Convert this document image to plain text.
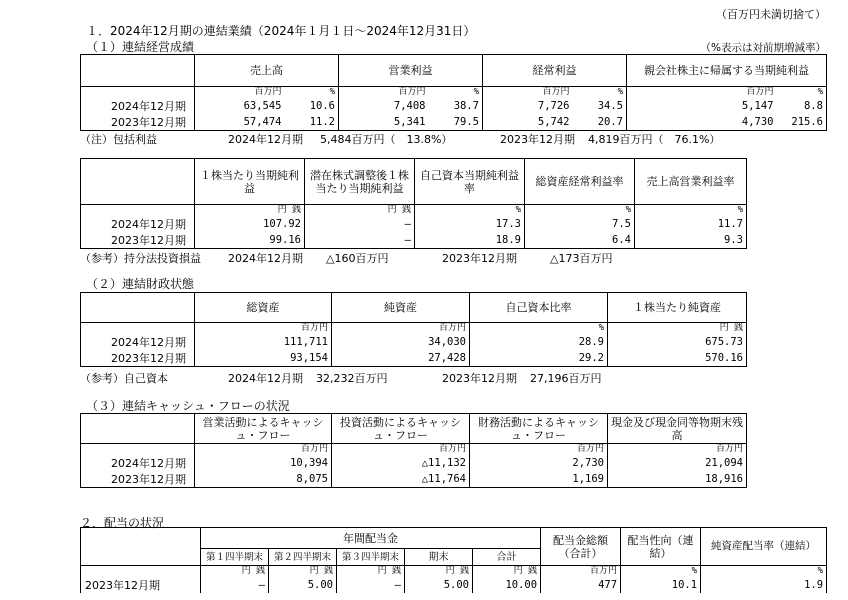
（百万円未満切捨て）
１．2024年12月期の連結業績（2024年１月１日～2024年12月31日）
（１）連結経営成績	（%表示は対前期増減率）
	売上高		営業利益		経常利益		親会社株主に帰属する当期純利益	
	百万円	%	百万円	%	百万円	%	百万円	%
2024年12月期	63,545	10.6	7,408	38.7	7,726	34.5	5,147	8.8
2023年12月期	57,474	11.2	5,341	79.5	5,742	20.7	4,730	215.6
（注）包括利益	2024年12月期 5,484百万円（　13.8%）	2023年12月期 4,819百万円（　76.1%）
	１株当たり当期純利益	潜在株式調整後１株当たり当期純利益	自己資本当期純利益率	総資産経常利益率	売上高営業利益率
	円 銭	円 銭	%	%	%
2024年12月期	107.92	―	17.3	7.5	11.7
2023年12月期	99.16	―	18.9	6.4	9.3
（参考）持分法投資損益 2024年12月期 △160百万円	2023年12月期	△173百万円
（２）連結財政状態
	総資産	純資産	自己資本比率	１株当たり純資産
	百万円	百万円	%	円 銭
2024年12月期	111,711	34,030	28.9	675.73
2023年12月期	93,154	27,428	29.2	570.16
（参考）自己資本	2024年12月期 32,232百万円	2023年12月期 27,196百万円
（３）連結キャッシュ・フローの状況
	営業活動によるキャッシュ・フロー	投資活動によるキャッシュ・フロー	財務活動によるキャッシュ・フロー	現金及び現金同等物期末残高
	百万円	百万円	百万円	百万円
2024年12月期	10,394	△11,132	2,730	21,094
2023年12月期	8,075	△11,764	1,169	18,916
２．配当の状況
	年間配当金					配当金総額（合計）	配当性向（連結）	純資産配当率（連結）
	第１四半期末	第２四半期末	第３四半期末	期末	合計			
	円 銭	円 銭	円 銭	円 銭	円 銭	百万円	%	%
2023年12月期	―	5.00	―	5.00	10.00	477	10.1	1.9
